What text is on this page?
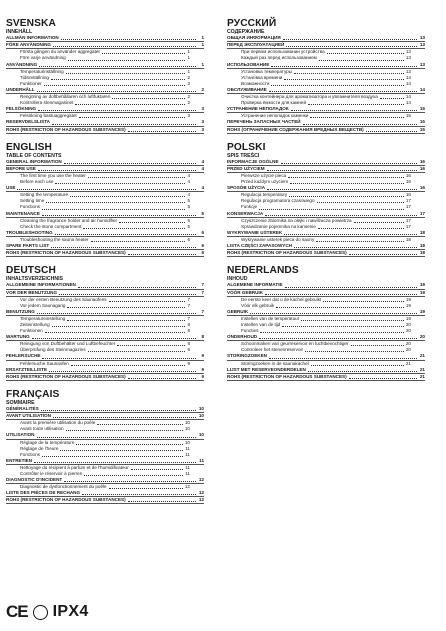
SVENSKA
INNEHÅLL
ALLMÄN INFORMATION	1
FÖRE ANVÄNDNING	1
Första gången du använder aggregatet	1
Före varje användning	1
ANVÄNDNING	1
Temperaturinställning	1
Tidsinställning	2
Funktioner	2
UNDERHÅLL	2
Rengöring av doftbehållaren och luftfuktaren	2
Kontrollera stenmagasinet	2
FELSÖKNING	3
Felsökning bastuaggregatet	3
RESERVDELSLISTA	3
ROHS (RESTRICTION OF HAZARDOUS SUBSTANCES)	3
ENGLISH
TABLE OF CONTENTS
GENERAL INFORMATION	4
BEFORE USE	4
The first time you use the heater	4
Before each use	4
USE	4
Setting the temperature	4
Setting time	5
Functions	5
MAINTENANCE	5
Cleaning the fragrance holder and air humidifier	5
Check the stone compartment	5
TROUBLESHOOTING	6
Troubleshooting the sauna heater	6
SPARE PARTS LIST	6
ROHS (RESTRICTION OF HAZARDOUS SUBSTANCES)	6
DEUTSCH
INHALTSVERZEICHNIS
ALLGEMEINE INFORMATIONEN	7
VOR DER BENUTZUNG	7
Vor der ersten Benutzung des Saunaofens	7
Vor jedem Saunagang	7
BENUTZUNG	7
Temperatureinstellung	7
Zeiteinstellung	8
Funktionen	8
WARTUNG	8
Reinigung von Duftbehälter und Luftbefeuchter	8
Überprüfung des Steinmagazins	8
FEHLERSUCHE	9
Fehlersuche Saunaofen	9
ERSATZTEILLISTE	9
ROHS (RESTRICTION OF HAZARDOUS SUBSTANCES)	9
FRANÇAIS
SOMMAIRE
GÉNÉRALITÉS	10
AVANT UTILISATION	10
Avant la première utilisation du poêle	10
Avant toute utilisation	10
UTILISATION	10
Réglage de la température	10
Réglage de l'heure	11
Fonctions	11
ENTRETIEN	11
Nettoyage du récipient à parfum et de l'humidificateur	11
Contrôler le réservoir à pierres	11
DIAGNOSTIC D'INCIDENT	12
Diagnostic de dysfonctionnement du poêle	12
LISTE DES PIÈCES DE RECHANG	12
ROHS (RESTRICTION OF HAZARDOUS SUBSTANCES)	12
РУССКИЙ
СОДЕРЖАНИЕ
ОБЩАЯ ИНФОРМАЦИЯ	13
ПЕРЕД ЭКСПЛУАТАЦИЕЙ	13
При первом использовании устройства	13
Каждый раз перед использованием	13
ИСПОЛЬЗОВАНИЕ	13
Установка температуры	13
Установка времени	14
Возможности	14
ОБСЛУЖИВАНИЕ	14
Очистка контейнера для ароматизатора и увлажнителя воздуха	14
Проверка ёмкости для камней	14
УСТРАНЕНИЕ НЕПОЛАДОК	15
Устранение неполадок каменки	15
ПЕРЕЧЕНЬ ЗАПАСНЫХ ЧАСТЕЙ	15
ROHS (ОГРАНИЧЕНИЕ СОДЕРЖАНИЯ ВРЕДНЫХ ВЕЩЕСТВ)	15
POLSKI
SPIS TREŚCI
INFORMACJE OGÓLNE	16
PRZED UŻYCIEM	16
Pierwsze użycie pieca	16
Przed każdym użyciem	16
SPOSÓB UŻYCIA	16
Regulacja temperatury	16
Regulacja programatora czasowego	17
Funkcje	17
KONSERWACJA	17
Czyszczenie zbiornika na olejki i nawilżacza powietrza	17
Sprawdzanie pojemnika na kamienie	17
WYKRYWANIE USTEREK	18
Wykrywanie usterek pieca do sauny	18
LISTA CZĘŚCI ZAPASOWYCH	18
ROHS (RESTRICTION OF HAZARDOUS SUBSTANCES)	18
NEDERLANDS
INHOUD
ALGEMENE INFORMATIE	19
VÓÓR GEBRUIK	19
De eerste keer dat u de kachel gebruikt	19
Vóór elk gebruik	19
GEBRUIK	19
Instellen van de temperatuur	19
Instellen van de tijd	20
Functies	20
ONDERHOUD	20
Schoonmaken van geurreservoir en luchtbevochtiger	20
Controleer het stenenreservoir	20
STORINGZOEKEN	21
Storingzoeken in de saunakachel	21
LIJST MET RESERVEONDERDELEN	21
ROHS (RESTRICTION OF HAZARDOUS SUBSTANCES)	21
CE IPX4
